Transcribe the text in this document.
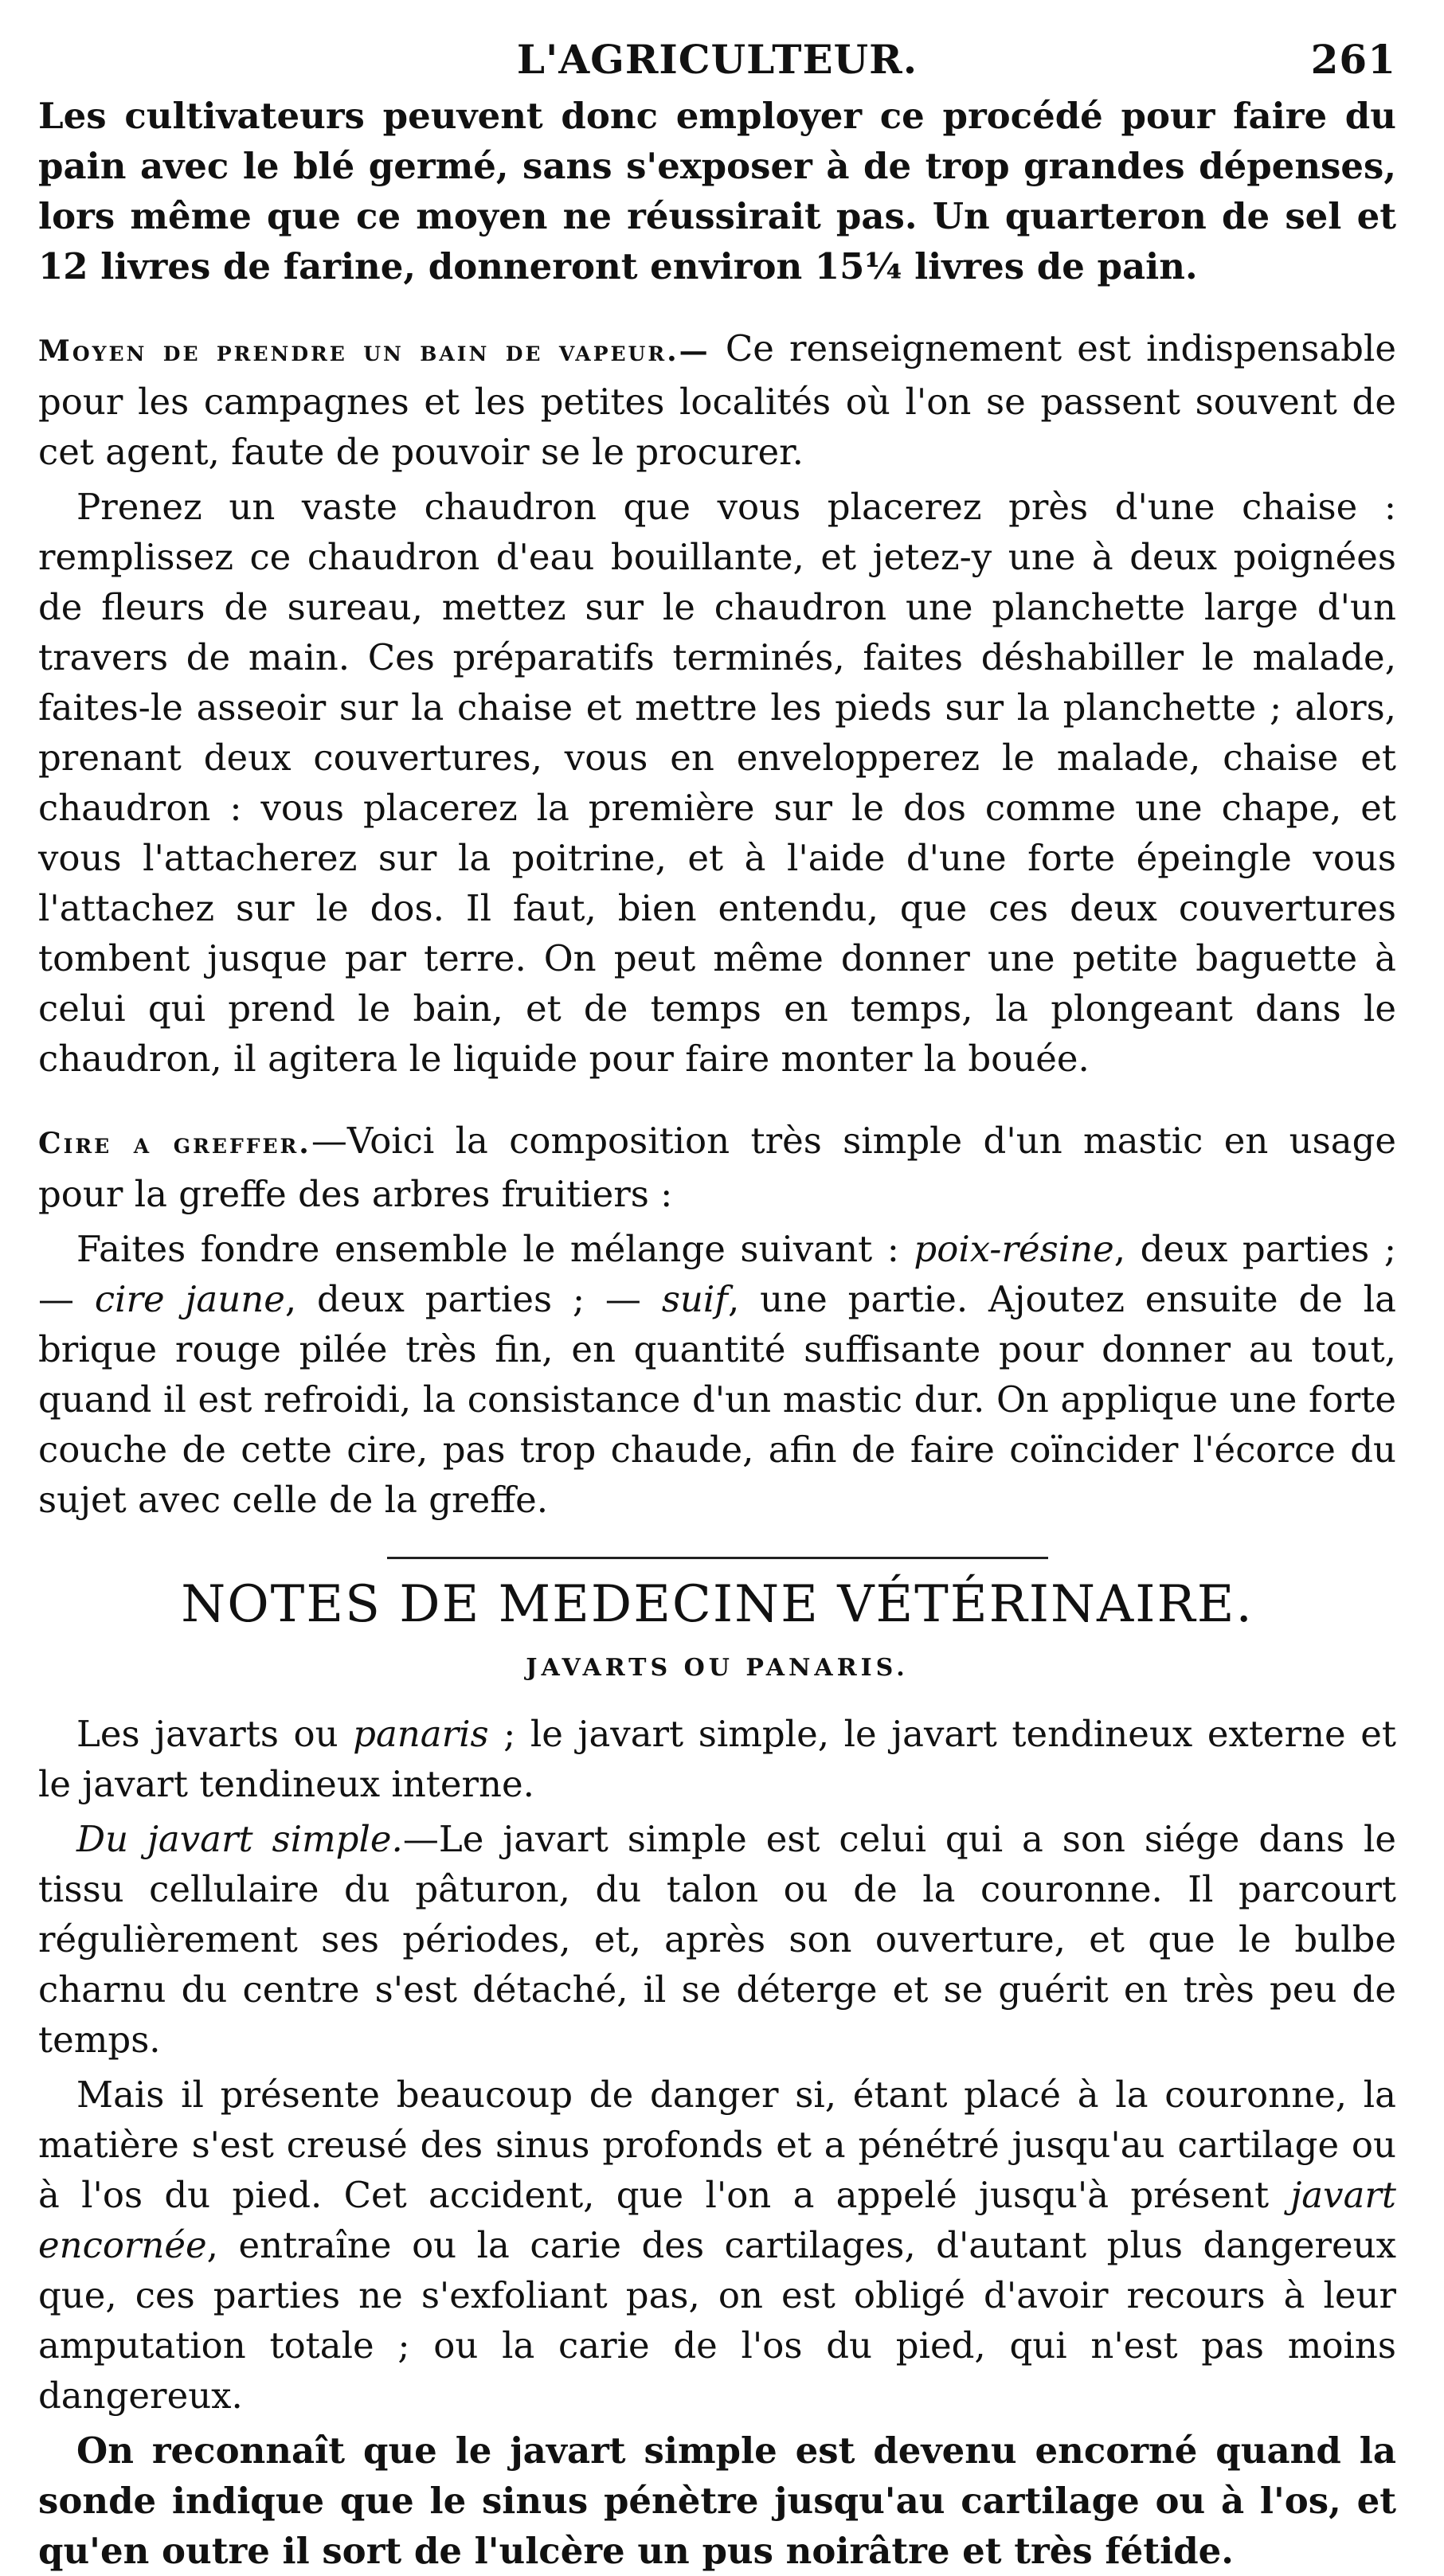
L'AGRICULTEUR.	261

Les cultivateurs peuvent donc employer ce procédé pour faire du pain avec le blé germé, sans s'exposer à de trop grandes dépenses, lors même que ce moyen ne réussirait pas. Un quarteron de sel et 12 livres de farine, donneront environ 15¼ livres de pain.

Moyen de prendre un bain de vapeur.— Ce renseignement est indispensable pour les campagnes et les petites localités où l'on se passent souvent de cet agent, faute de pouvoir se le procurer.

Prenez un vaste chaudron que vous placerez près d'une chaise : remplissez ce chaudron d'eau bouillante, et jetez-y une à deux poignées de fleurs de sureau, mettez sur le chaudron une planchette large d'un travers de main. Ces préparatifs terminés, faites déshabiller le malade, faites-le asseoir sur la chaise et mettre les pieds sur la planchette ; alors, prenant deux couvertures, vous en envelopperez le malade, chaise et chaudron : vous placerez la première sur le dos comme une chape, et vous l'attacherez sur la poitrine, et à l'aide d'une forte épeingle vous l'attachez sur le dos. Il faut, bien entendu, que ces deux couvertures tombent jusque par terre. On peut même donner une petite baguette à celui qui prend le bain, et de temps en temps, la plongeant dans le chaudron, il agitera le liquide pour faire monter la bouée.

Cire a greffer.—Voici la composition très simple d'un mastic en usage pour la greffe des arbres fruitiers :

Faites fondre ensemble le mélange suivant : poix-résine, deux parties ; — cire jaune, deux parties ; — suif, une partie. Ajoutez ensuite de la brique rouge pilée très fin, en quantité suffisante pour donner au tout, quand il est refroidi, la consistance d'un mastic dur. On applique une forte couche de cette cire, pas trop chaude, afin de faire coïncider l'écorce du sujet avec celle de la greffe.

NOTES DE MEDECINE VÉTÉRINAIRE.
JAVARTS OU PANARIS.

Les javarts ou panaris ; le javart simple, le javart tendineux externe et le javart tendineux interne.

Du javart simple.—Le javart simple est celui qui a son siége dans le tissu cellulaire du pâturon, du talon ou de la couronne. Il parcourt régulièrement ses périodes, et, après son ouverture, et que le bulbe charnu du centre s'est détaché, il se déterge et se guérit en très peu de temps.

Mais il présente beaucoup de danger si, étant placé à la couronne, la matière s'est creusé des sinus profonds et a pénétré jusqu'au cartilage ou à l'os du pied. Cet accident, que l'on a appelé jusqu'à présent javart encornée, entraîne ou la carie des cartilages, d'autant plus dangereux que, ces parties ne s'exfoliant pas, on est obligé d'avoir recours à leur amputation totale ; ou la carie de l'os du pied, qui n'est pas moins dangereux.

On reconnaît que le javart simple est devenu encorné quand la sonde indique que le sinus pénètre jusqu'au cartilage ou à l'os, et qu'en outre il sort de l'ulcère un pus noirâtre et très fétide.
